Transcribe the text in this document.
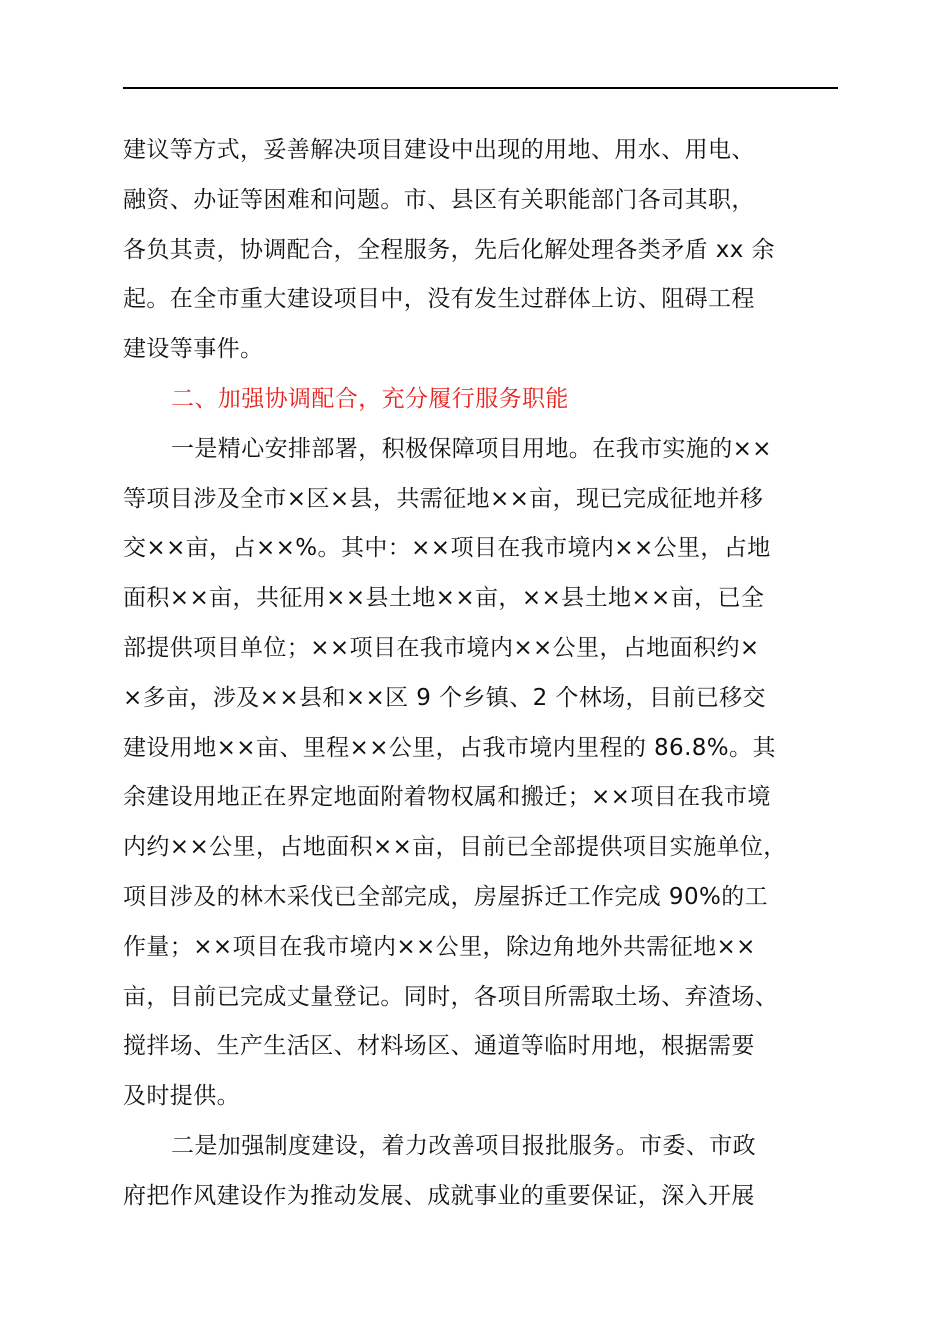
建议等方式，妥善解决项目建设中出现的用地、用水、用电、
融资、办证等困难和问题。市、县区有关职能部门各司其职，
各负其责，协调配合，全程服务，先后化解处理各类矛盾 xx 余
起。在全市重大建设项目中，没有发生过群体上访、阻碍工程
建设等事件。
二、加强协调配合，充分履行服务职能
一是精心安排部署，积极保障项目用地。在我市实施的××
等项目涉及全市×区×县，共需征地××亩，现已完成征地并移
交××亩，占××%。其中：××项目在我市境内××公里，占地
面积××亩，共征用××县土地××亩，××县土地××亩，已全
部提供项目单位；××项目在我市境内××公里，占地面积约×
×多亩，涉及××县和××区 9 个乡镇、2 个林场，目前已移交
建设用地××亩、里程××公里，占我市境内里程的 86.8%。其
余建设用地正在界定地面附着物权属和搬迁；××项目在我市境
内约××公里，占地面积××亩，目前已全部提供项目实施单位，
项目涉及的林木采伐已全部完成，房屋拆迁工作完成 90%的工
作量；××项目在我市境内××公里，除边角地外共需征地××
亩，目前已完成丈量登记。同时，各项目所需取土场、弃渣场、
搅拌场、生产生活区、材料场区、通道等临时用地，根据需要
及时提供。
二是加强制度建设，着力改善项目报批服务。市委、市政
府把作风建设作为推动发展、成就事业的重要保证，深入开展
